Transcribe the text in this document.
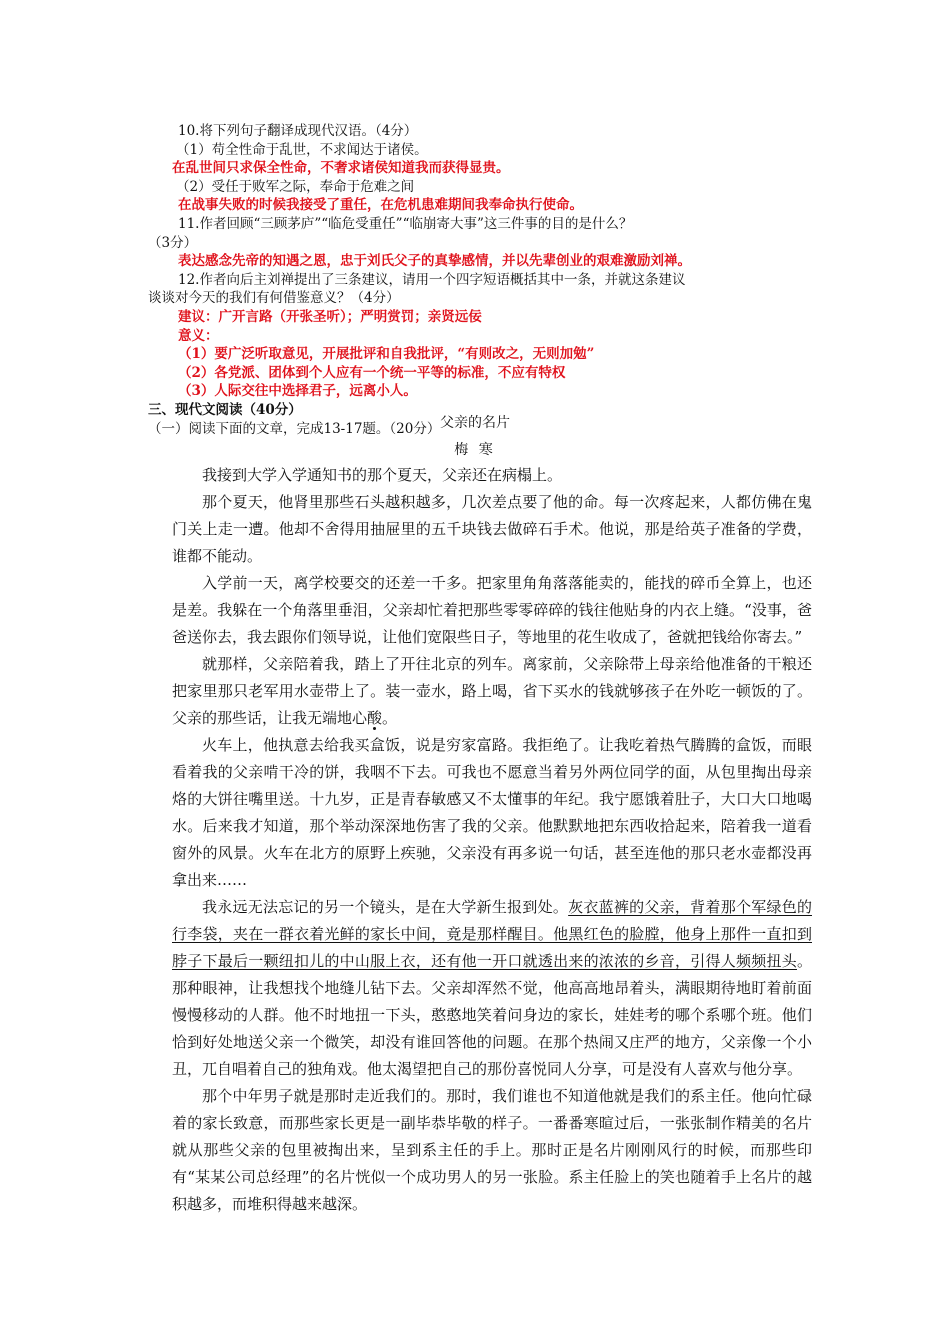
10.将下列句子翻译成现代汉语。（4分）
（1）苟全性命于乱世，不求闻达于诸侯。
在乱世间只求保全性命，不奢求诸侯知道我而获得显贵。
（2）受任于败军之际，奉命于危难之间
在战事失败的时候我接受了重任，在危机患难期间我奉命执行使命。
11.作者回顾“三顾茅庐”“临危受重任”“临崩寄大事”这三件事的目的是什么？
（3分）
表达感念先帝的知遇之恩，忠于刘氏父子的真挚感情，并以先辈创业的艰难激励刘禅。
12.作者向后主刘禅提出了三条建议，请用一个四字短语概括其中一条，并就这条建议
谈谈对今天的我们有何借鉴意义？（4分）
建议：广开言路（开张圣听）；严明赏罚；亲贤远佞
意义：
（1）要广泛听取意见，开展批评和自我批评，“有则改之，无则加勉”
（2）各党派、团体到个人应有一个统一平等的标准，不应有特权
（3）人际交往中选择君子，远离小人。
三、现代文阅读（40分）
（一）阅读下面的文章，完成13-17题。（20分） 父亲的名片
梅 寒

我接到大学入学通知书的那个夏天，父亲还在病榻上。

那个夏天，他肾里那些石头越积越多，几次差点要了他的命。每一次疼起来，人都仿佛在鬼门关上走一遭。他却不舍得用抽屉里的五千块钱去做碎石手术。他说，那是给英子准备的学费，谁都不能动。

入学前一天，离学校要交的还差一千多。把家里角角落落能卖的，能找的碎币全算上，也还是差。我躲在一个角落里垂泪，父亲却忙着把那些零零碎碎的钱往他贴身的内衣上缝。“没事，爸爸送你去，我去跟你们领导说，让他们宽限些日子，等地里的花生收成了，爸就把钱给你寄去。”

就那样，父亲陪着我，踏上了开往北京的列车。离家前，父亲除带上母亲给他准备的干粮还把家里那只老军用水壶带上了。装一壶水，路上喝，省下买水的钱就够孩子在外吃一顿饭的了。父亲的那些话，让我无端地心酸。

火车上，他执意去给我买盒饭，说是穷家富路。我拒绝了。让我吃着热气腾腾的盒饭，而眼看着我的父亲啃干冷的饼，我咽不下去。可我也不愿意当着另外两位同学的面，从包里掏出母亲烙的大饼往嘴里送。十九岁，正是青春敏感又不太懂事的年纪。我宁愿饿着肚子，大口大口地喝水。后来我才知道，那个举动深深地伤害了我的父亲。他默默地把东西收拾起来，陪着我一道看窗外的风景。火车在北方的原野上疾驰，父亲没有再多说一句话，甚至连他的那只老水壶都没再拿出来……

我永远无法忘记的另一个镜头，是在大学新生报到处。灰衣蓝裤的父亲，背着那个军绿色的行李袋，夹在一群衣着光鲜的家长中间，竟是那样醒目。他黑红色的脸膛，他身上那件一直扣到脖子下最后一颗纽扣儿的中山服上衣，还有他一开口就透出来的浓浓的乡音，引得人频频扭头。那种眼神，让我想找个地缝儿钻下去。父亲却浑然不觉，他高高地昂着头，满眼期待地盯着前面慢慢移动的人群。他不时地扭一下头，憨憨地笑着问身边的家长，娃娃考的哪个系哪个班。他们恰到好处地送父亲一个微笑，却没有谁回答他的问题。在那个热闹又庄严的地方，父亲像一个小丑，兀自唱着自己的独角戏。他太渴望把自己的那份喜悦同人分享，可是没有人喜欢与他分享。

那个中年男子就是那时走近我们的。那时，我们谁也不知道他就是我们的系主任。他向忙碌着的家长致意，而那些家长更是一副毕恭毕敬的样子。一番番寒暄过后，一张张制作精美的名片就从那些父亲的包里被掏出来，呈到系主任的手上。那时正是名片刚刚风行的时候，而那些印有“某某公司总经理”的名片恍似一个成功男人的另一张脸。系主任脸上的笑也随着手上名片的越积越多，而堆积得越来越深。
